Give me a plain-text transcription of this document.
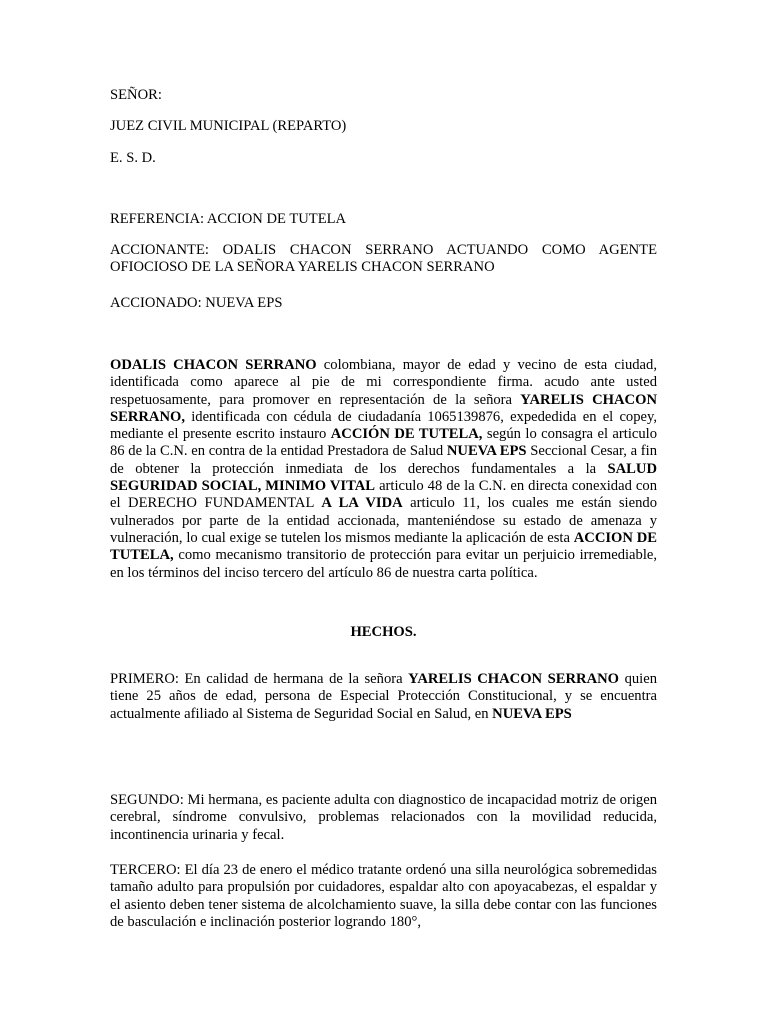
SEÑOR:

JUEZ CIVIL MUNICIPAL (REPARTO)

E. S. D.

REFERENCIA: ACCION DE TUTELA

ACCIONANTE: ODALIS CHACON SERRANO ACTUANDO COMO AGENTE OFIOCIOSO DE LA SEÑORA YARELIS CHACON SERRANO

ACCIONADO: NUEVA EPS

ODALIS CHACON SERRANO colombiana, mayor de edad y vecino de esta ciudad, identificada como aparece al pie de mi correspondiente firma. acudo ante usted respetuosamente, para promover en representación de la señora YARELIS CHACON SERRANO, identificada con cédula de ciudadanía 1065139876, expededida en el copey, mediante el presente escrito instauro ACCIÓN DE TUTELA, según lo consagra el articulo 86 de la C.N. en contra de la entidad Prestadora de Salud NUEVA EPS Seccional Cesar, a fin de obtener la protección inmediata de los derechos fundamentales a la SALUD SEGURIDAD SOCIAL, MINIMO VITAL articulo 48 de la C.N. en directa conexidad con el DERECHO FUNDAMENTAL A LA VIDA articulo 11, los cuales me están siendo vulnerados por parte de la entidad accionada, manteniéndose su estado de amenaza y vulneración, lo cual exige se tutelen los mismos mediante la aplicación de esta ACCION DE TUTELA, como mecanismo transitorio de protección para evitar un perjuicio irremediable, en los términos del inciso tercero del artículo 86 de nuestra carta política.

HECHOS.

PRIMERO: En calidad de hermana de la señora YARELIS CHACON SERRANO quien tiene 25 años de edad, persona de Especial Protección Constitucional, y se encuentra actualmente afiliado al Sistema de Seguridad Social en Salud, en NUEVA EPS

SEGUNDO: Mi hermana, es paciente adulta con diagnostico de incapacidad motriz de origen cerebral, síndrome convulsivo, problemas relacionados con la movilidad reducida, incontinencia urinaria y fecal.

TERCERO: El día 23 de enero el médico tratante ordenó una silla neurológica sobremedidas tamaño adulto para propulsión por cuidadores, espaldar alto con apoyacabezas, el espaldar y el asiento deben tener sistema de alcolchamiento suave, la silla debe contar con las funciones de basculación e inclinación posterior logrando 180°,
